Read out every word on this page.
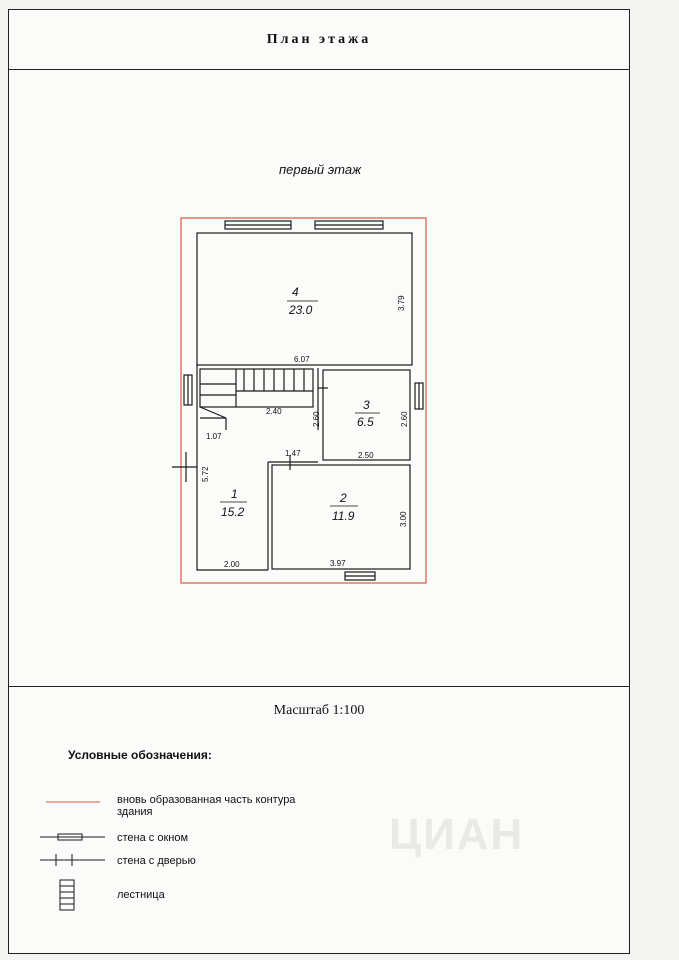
План этажа
первый этаж
Масштаб 1:100
Условные обозначения:
вновь образованная часть контура
здания
стена с окном
стена с дверью
лестница
ЦИАН
4
23.0
3
6.5
1
15.2
2
11.9
3.79
6.07
2.40	2.60	2.60
2.50
1.07
5.72
1.47
2.00
3.00
3.97
